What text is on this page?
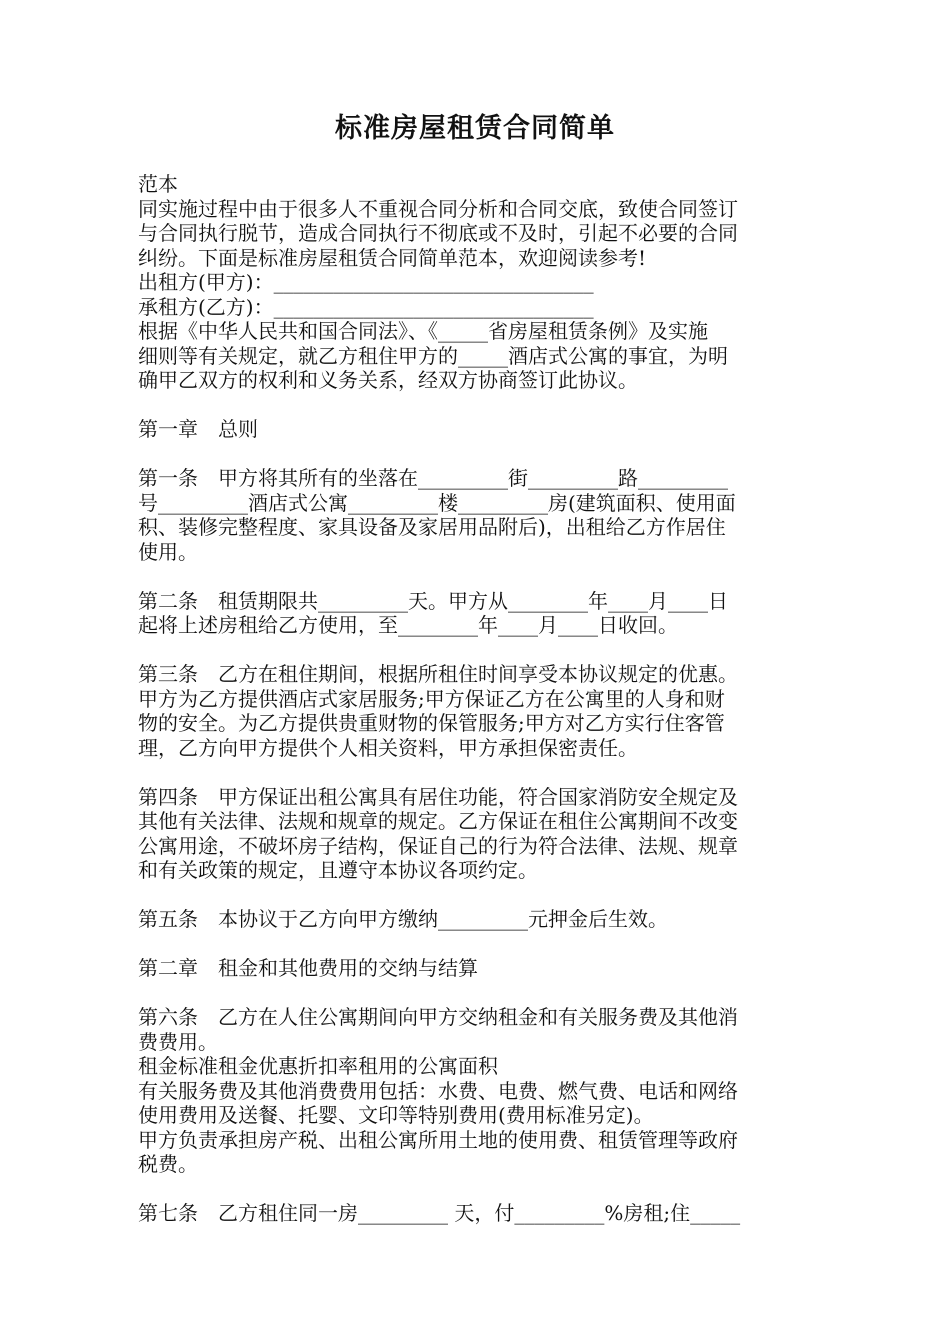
标准房屋租赁合同简单
范本
同实施过程中由于很多人不重视合同分析和合同交底，致使合同签订
与合同执行脱节，造成合同执行不彻底或不及时，引起不必要的合同
纠纷。下面是标准房屋租赁合同简单范本，欢迎阅读参考!
出租方(甲方)：________________________________
承租方(乙方)：________________________________
根据《中华人民共和国合同法》、《_____省房屋租赁条例》及实施
细则等有关规定，就乙方租住甲方的_____酒店式公寓的事宜，为明
确甲乙双方的权利和义务关系，经双方协商签订此协议。
第一章　总则
第一条　甲方将其所有的坐落在_________街_________路_________
号_________酒店式公寓_________楼_________房(建筑面积、使用面
积、装修完整程度、家具设备及家居用品附后)，出租给乙方作居住
使用。
第二条　租赁期限共_________天。甲方从________年____月____日
起将上述房租给乙方使用，至________年____月____日收回。
第三条　乙方在租住期间，根据所租住时间享受本协议规定的优惠。
甲方为乙方提供酒店式家居服务;甲方保证乙方在公寓里的人身和财
物的安全。为乙方提供贵重财物的保管服务;甲方对乙方实行住客管
理，乙方向甲方提供个人相关资料，甲方承担保密责任。
第四条　甲方保证出租公寓具有居住功能，符合国家消防安全规定及
其他有关法律、法规和规章的规定。乙方保证在租住公寓期间不改变
公寓用途，不破坏房子结构，保证自己的行为符合法律、法规、规章
和有关政策的规定，且遵守本协议各项约定。
第五条　本协议于乙方向甲方缴纳_________元押金后生效。
第二章　租金和其他费用的交纳与结算
第六条　乙方在人住公寓期间向甲方交纳租金和有关服务费及其他消
费费用。
租金标准租金优惠折扣率租用的公寓面积
有关服务费及其他消费费用包括：水费、电费、燃气费、电话和网络
使用费用及送餐、托婴、文印等特别费用(费用标准另定)。
甲方负责承担房产税、出租公寓所用土地的使用费、租赁管理等政府
税费。
第七条　乙方租住同一房_________ 天，付_________%房租;住_____
